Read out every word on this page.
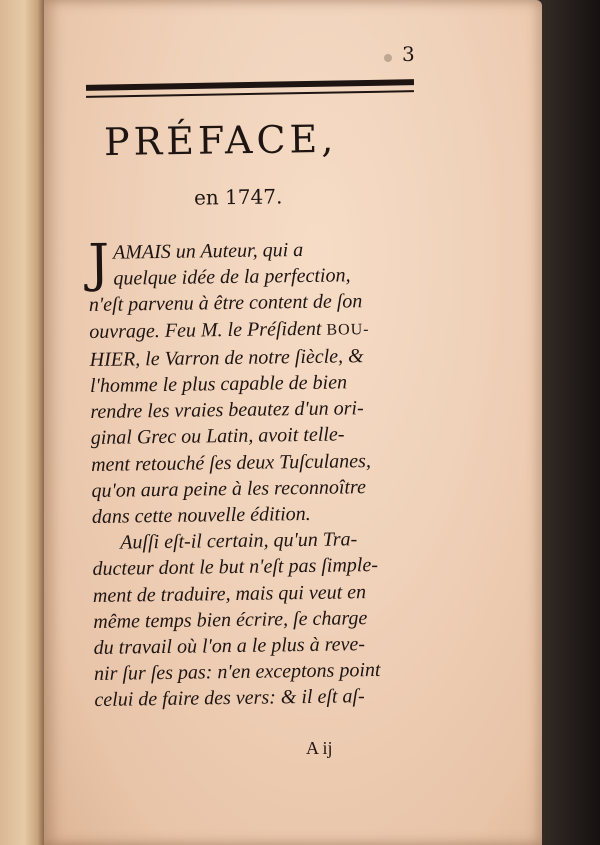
3
PRÉFACE,
en 1747.
J AMAIS un Auteur, qui a
quelque idée de la perfection,
n'eſt parvenu à être content de ſon
ouvrage. Feu M. le Préſident BOU-
HIER, le Varron de notre ſiècle, &
l'homme le plus capable de bien
rendre les vraies beautez d'un ori-
ginal Grec ou Latin, avoit telle-
ment retouché ſes deux Tuſculanes,
qu'on aura peine à les reconnoître
dans cette nouvelle édition.
Auſſi eſt-il certain, qu'un Tra-
ducteur dont le but n'eſt pas ſimple-
ment de traduire, mais qui veut en
même temps bien écrire, ſe charge
du travail où l'on a le plus à reve-
nir ſur ſes pas: n'en exceptons point
celui de faire des vers: & il eſt aſ-
A ij
